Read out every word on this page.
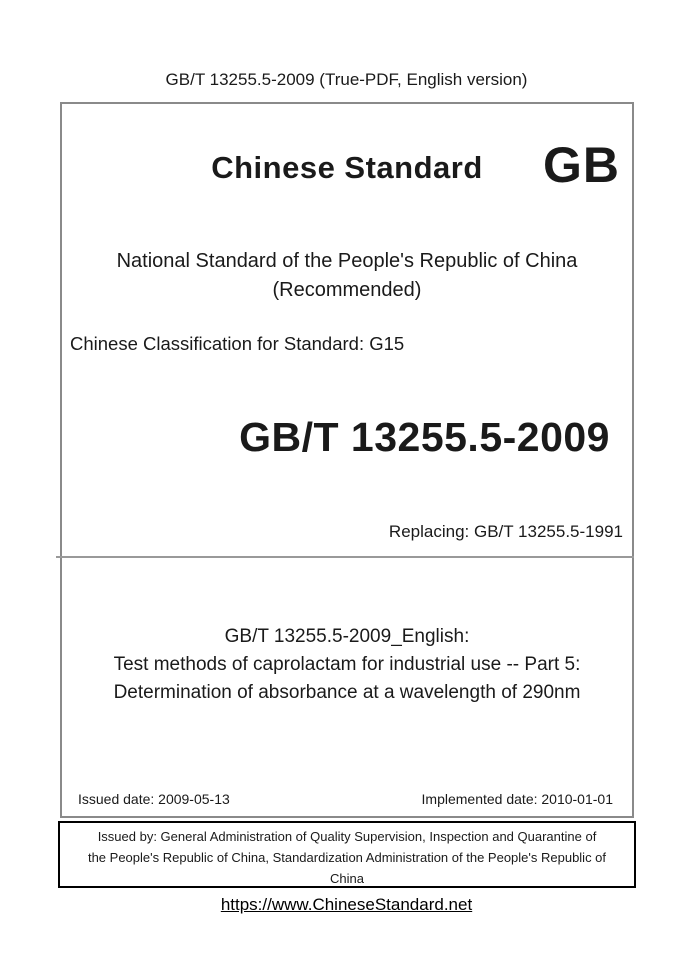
GB/T 13255.5-2009 (True-PDF, English version)
Chinese Standard	GB
National Standard of the People's Republic of China
(Recommended)
Chinese Classification for Standard: G15
GB/T 13255.5-2009
Replacing: GB/T 13255.5-1991
GB/T 13255.5-2009_English:
Test methods of caprolactam for industrial use -- Part 5:
Determination of absorbance at a wavelength of 290nm
Issued date: 2009-05-13	Implemented date: 2010-01-01
Issued by: General Administration of Quality Supervision, Inspection and Quarantine of the People's Republic of China, Standardization Administration of the People's Republic of China
https://www.ChineseStandard.net
